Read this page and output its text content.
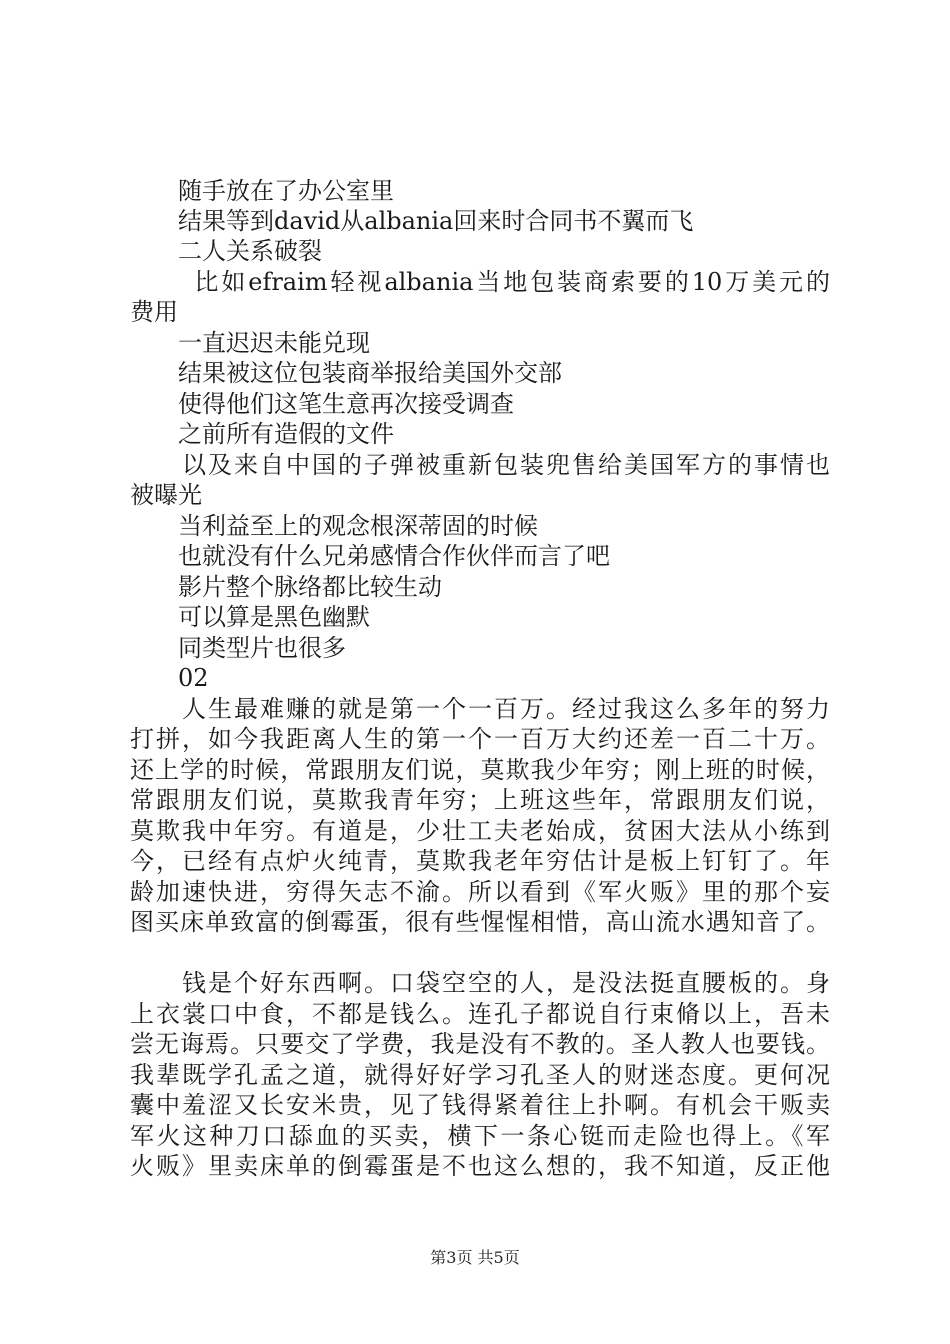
　　随手放在了办公室里
　　结果等到david从albania回来时合同书不翼而飞
　　二人关系破裂
　　 比如efraim轻视albania当地包装商索要的10万美元的
费用
　　一直迟迟未能兑现
　　结果被这位包装商举报给美国外交部
　　使得他们这笔生意再次接受调查
　　之前所有造假的文件
　　以及来自中国的子弹被重新包装兜售给美国军方的事情也
被曝光
　　当利益至上的观念根深蒂固的时候
　　也就没有什么兄弟感情合作伙伴而言了吧
　　影片整个脉络都比较生动
　　可以算是黑色幽默
　　同类型片也很多
　　02
　　人生最难赚的就是第一个一百万。经过我这么多年的努力
打拼，如今我距离人生的第一个一百万大约还差一百二十万。
还上学的时候，常跟朋友们说，莫欺我少年穷；刚上班的时候，
常跟朋友们说，莫欺我青年穷；上班这些年，常跟朋友们说，
莫欺我中年穷。有道是，少壮工夫老始成，贫困大法从小练到
今，已经有点炉火纯青，莫欺我老年穷估计是板上钉钉了。年
龄加速快进，穷得矢志不渝。所以看到《军火贩》里的那个妄
图买床单致富的倒霉蛋，很有些惺惺相惜，高山流水遇知音了。
　　钱是个好东西啊。口袋空空的人，是没法挺直腰板的。身
上衣裳口中食，不都是钱么。连孔子都说自行束脩以上，吾未
尝无诲焉。只要交了学费，我是没有不教的。圣人教人也要钱。
我辈既学孔孟之道，就得好好学习孔圣人的财迷态度。更何况
囊中羞涩又长安米贵，见了钱得紧着往上扑啊。有机会干贩卖
军火这种刀口舔血的买卖，横下一条心铤而走险也得上。《军
火贩》里卖床单的倒霉蛋是不也这么想的，我不知道，反正他
第3页 共5页
